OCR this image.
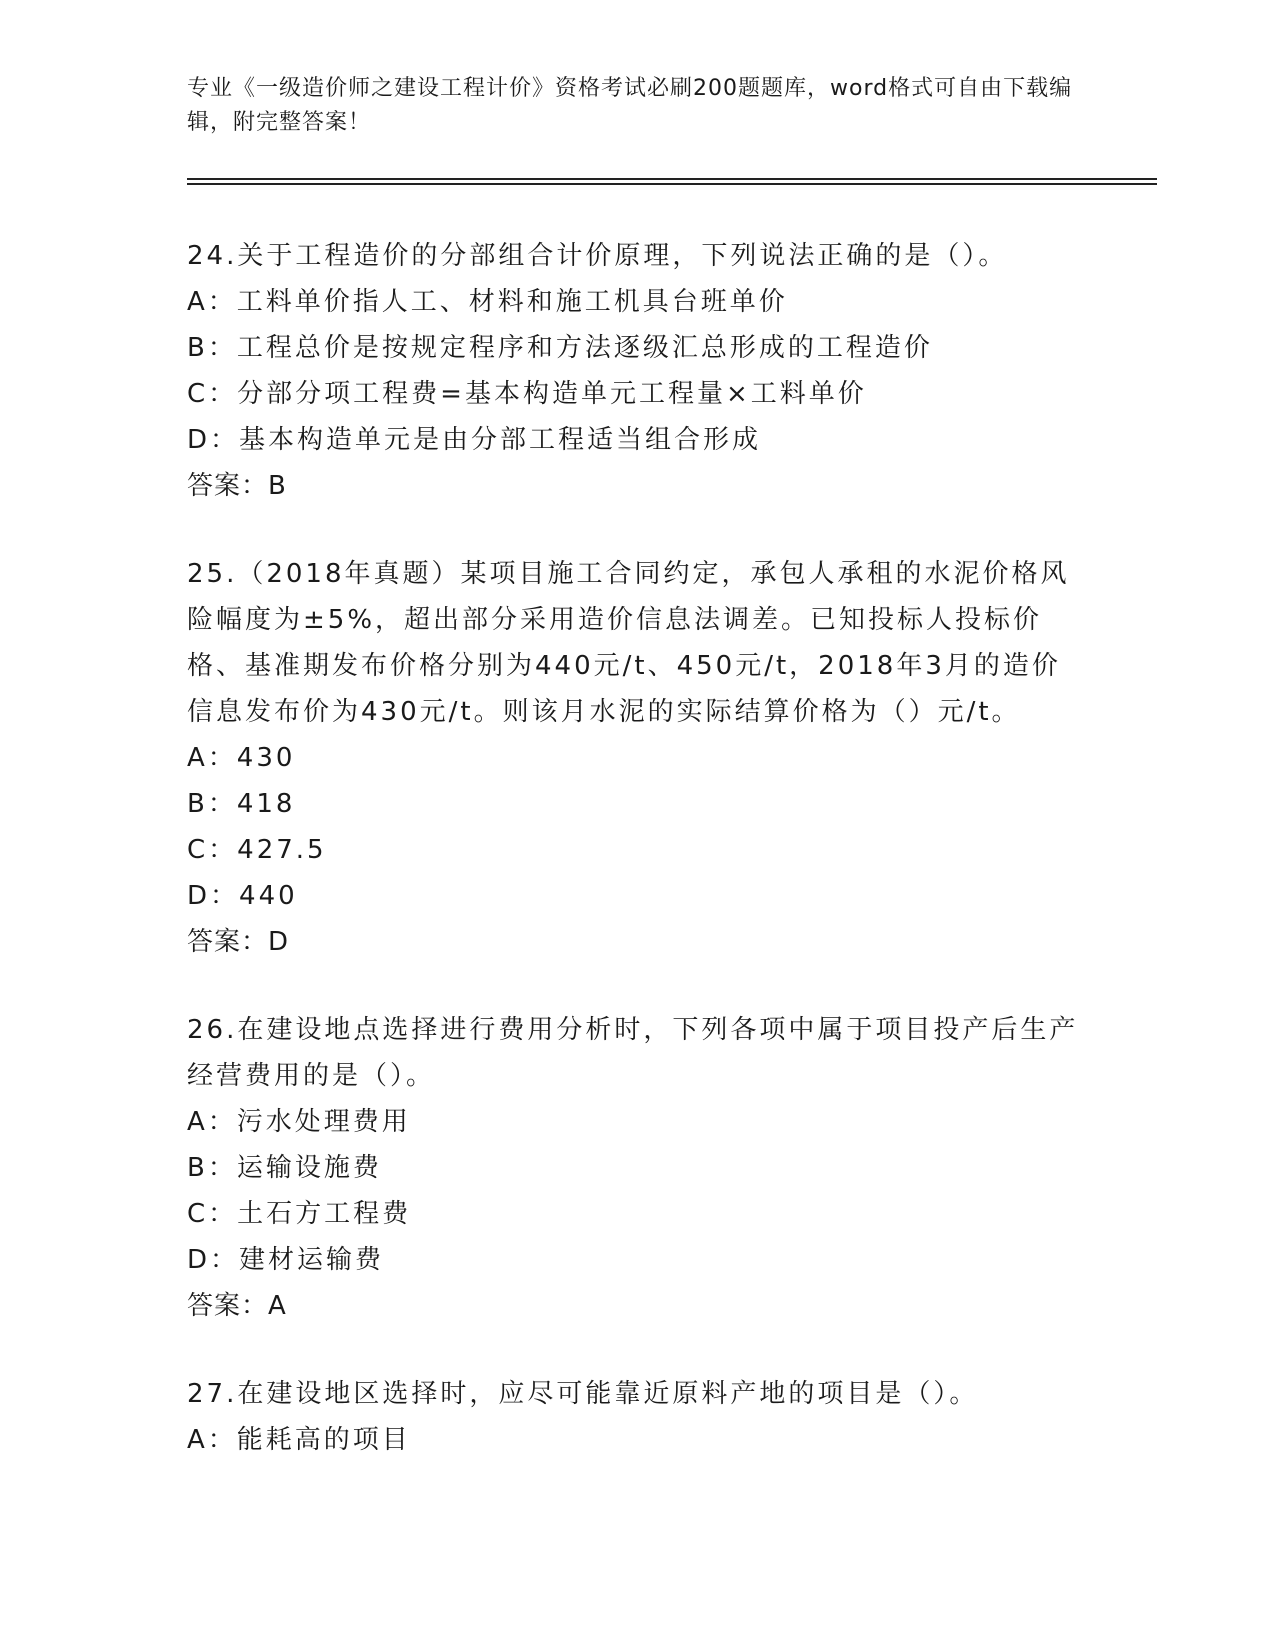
专业《一级造价师之建设工程计价》资格考试必刷200题题库，word格式可自由下载编辑，附完整答案！
24.关于工程造价的分部组合计价原理，下列说法正确的是（）。
A：工料单价指人工、材料和施工机具台班单价
B：工程总价是按规定程序和方法逐级汇总形成的工程造价
C：分部分项工程费=基本构造单元工程量×工料单价
D：基本构造单元是由分部工程适当组合形成
答案：B
25.（2018年真题）某项目施工合同约定，承包人承租的水泥价格风险幅度为±5%，超出部分采用造价信息法调差。已知投标人投标价格、基准期发布价格分别为440元/t、450元/t，2018年3月的造价信息发布价为430元/t。则该月水泥的实际结算价格为（）元/t。
A：430
B：418
C：427.5
D：440
答案：D
26.在建设地点选择进行费用分析时，下列各项中属于项目投产后生产经营费用的是（）。
A：污水处理费用
B：运输设施费
C：土石方工程费
D：建材运输费
答案：A
27.在建设地区选择时，应尽可能靠近原料产地的项目是（）。
A：能耗高的项目
